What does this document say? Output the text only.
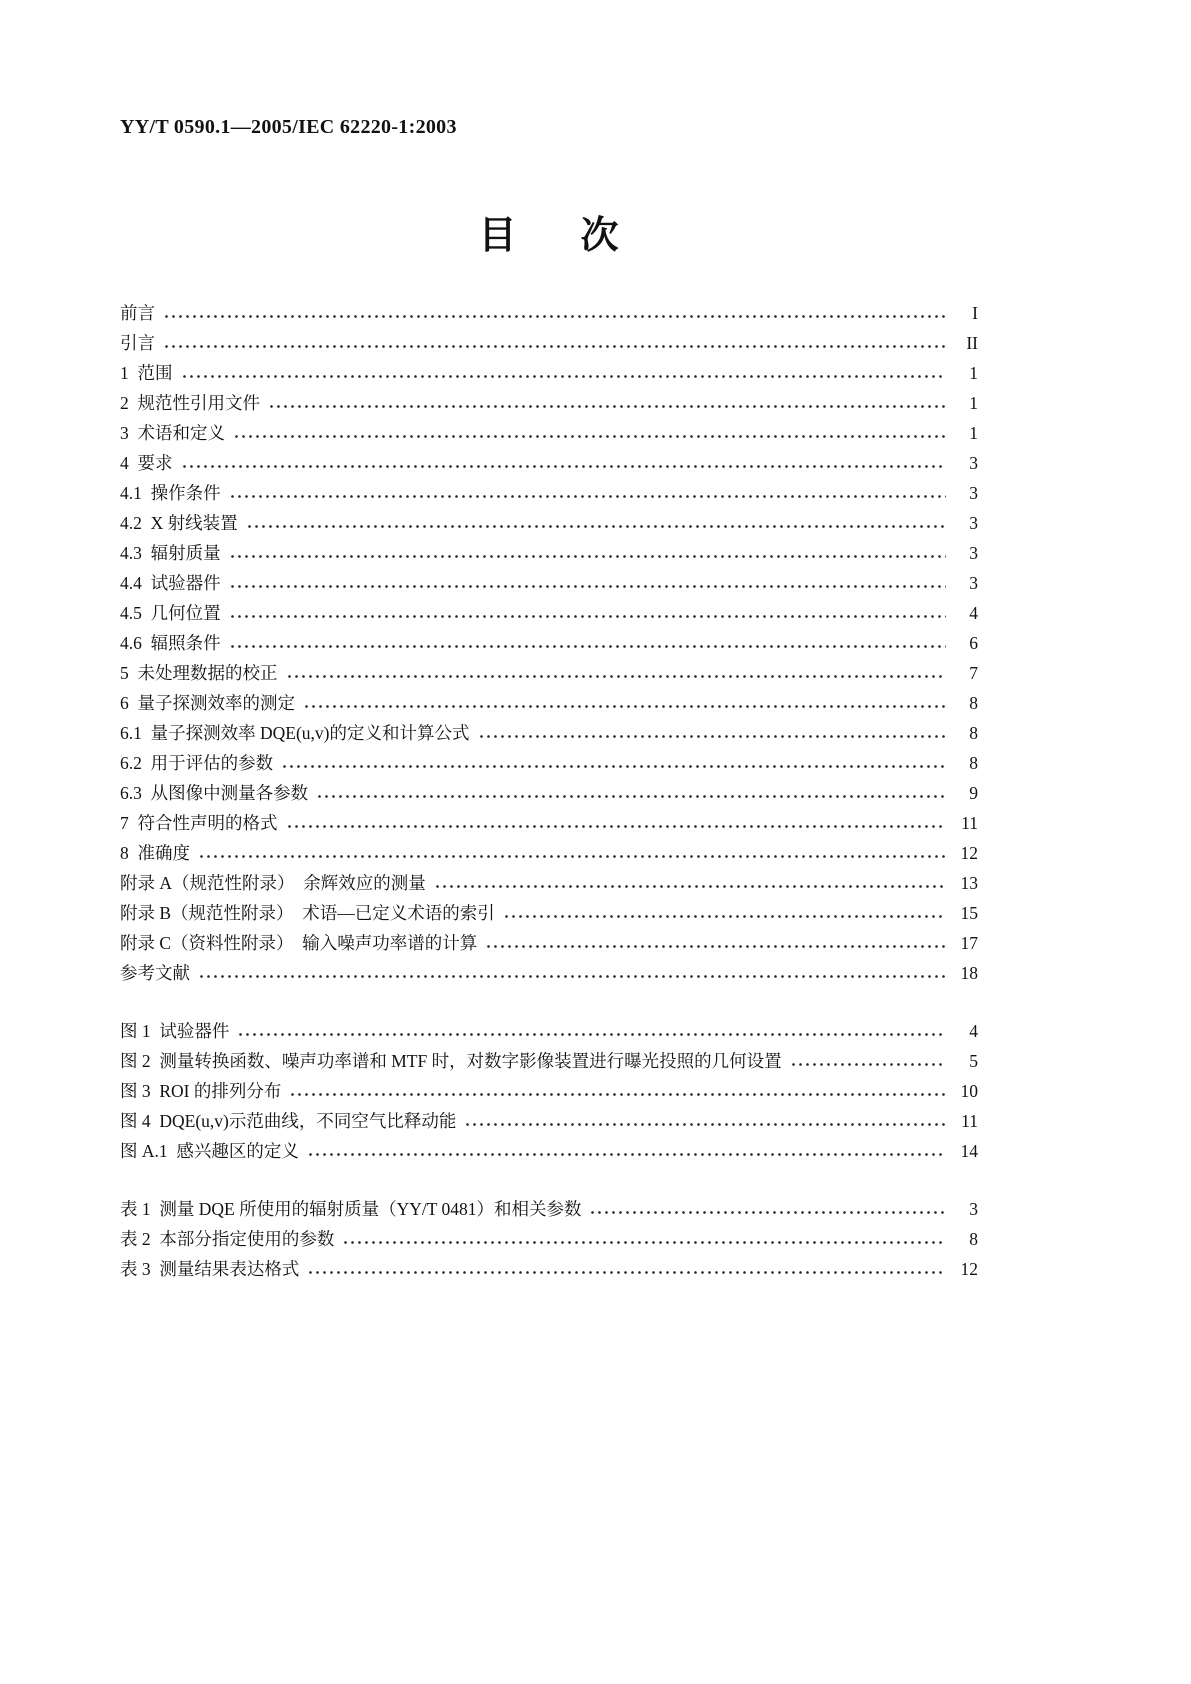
YY/T 0590.1—2005/IEC 62220-1:2003
目      次
前言	I
引言	II
1  范围	1
2  规范性引用文件	1
3  术语和定义	1
4  要求	3
4.1  操作条件	3
4.2  X 射线装置	3
4.3  辐射质量	3
4.4  试验器件	3
4.5  几何位置	4
4.6  辐照条件	6
5  未处理数据的校正	7
6  量子探测效率的测定	8
6.1  量子探测效率 DQE(u,v)的定义和计算公式	8
6.2  用于评估的参数	8
6.3  从图像中测量各参数	9
7  符合性声明的格式	11
8  准确度	12
附录 A（规范性附录）  余辉效应的测量	13
附录 B（规范性附录）  术语—已定义术语的索引	15
附录 C（资料性附录）  输入噪声功率谱的计算	17
参考文献	18
图 1  试验器件	4
图 2  测量转换函数、噪声功率谱和 MTF 时，对数字影像装置进行曝光投照的几何设置	5
图 3  ROI 的排列分布	10
图 4  DQE(u,v)示范曲线，不同空气比释动能	11
图 A.1  感兴趣区的定义	14
表 1  测量 DQE 所使用的辐射质量（YY/T 0481）和相关参数	3
表 2  本部分指定使用的参数	8
表 3  测量结果表达格式	12
